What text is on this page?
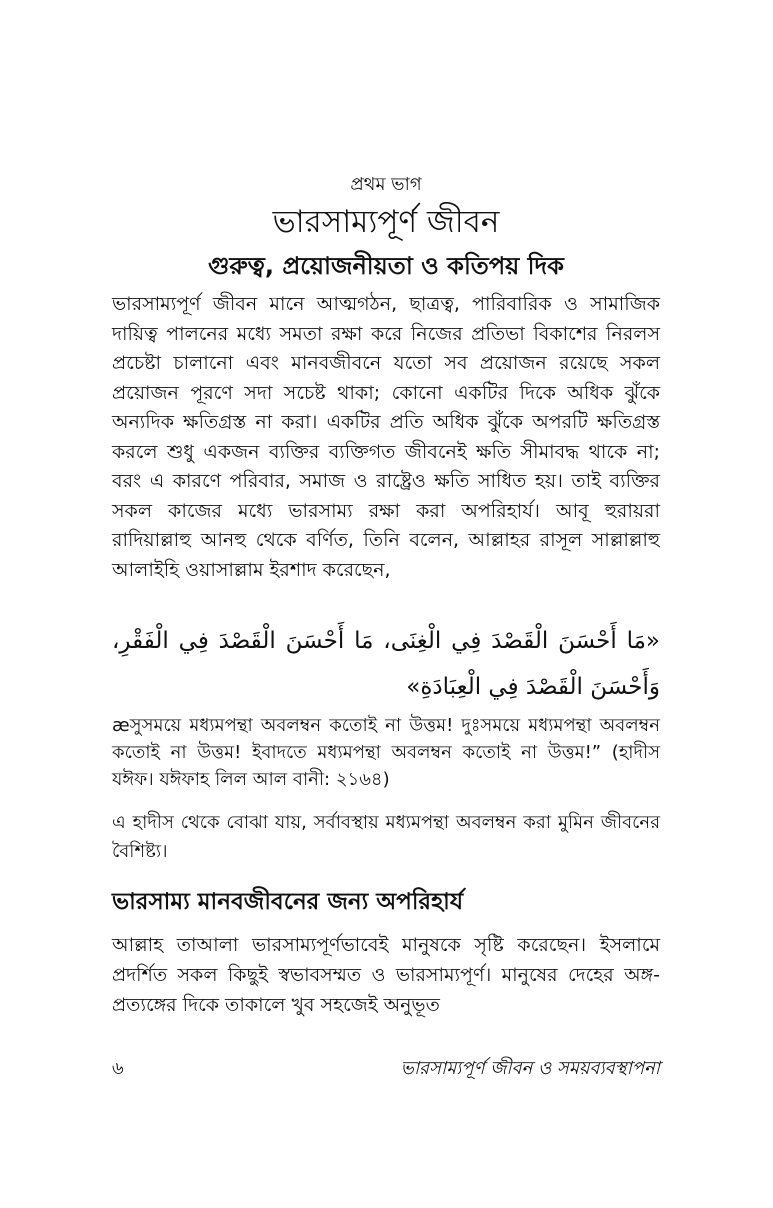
প্রথম ভাগ
ভারসাম্যপূর্ণ জীবন
গুরুত্ব, প্রয়োজনীয়তা ও কতিপয় দিক

ভারসাম্যপূর্ণ জীবন মানে আত্মগঠন, ছাত্রত্ব, পারিবারিক ও সামাজিক দায়িত্ব পালনের মধ্যে সমতা রক্ষা করে নিজের প্রতিভা বিকাশের নিরলস প্রচেষ্টা চালানো এবং মানবজীবনে যতো সব প্রয়োজন রয়েছে সকল প্রয়োজন পূরণে সদা সচেষ্ট থাকা; কোনো একটির দিকে অধিক ঝুঁকে অন্যদিক ক্ষতিগ্রস্ত না করা। একটির প্রতি অধিক ঝুঁকে অপরটি ক্ষতিগ্রস্ত করলে শুধু একজন ব্যক্তির ব্যক্তিগত জীবনেই ক্ষতি সীমাবদ্ধ থাকে না; বরং এ কারণে পরিবার, সমাজ ও রাষ্ট্রেও ক্ষতি সাধিত হয়। তাই ব্যক্তির সকল কাজের মধ্যে ভারসাম্য রক্ষা করা অপরিহার্য। আবূ হুরায়রা রাদিয়াল্লাহু আনহু থেকে বর্ণিত, তিনি বলেন, আল্লাহর রাসূল সাল্লাল্লাহু আলাইহি ওয়াসাল্লাম ইরশাদ করেছেন,

«مَا أَحْسَنَ الْقَصْدَ فِي الْغِنَى، مَا أَحْسَنَ الْقَصْدَ فِي الْفَقْرِ، وَأَحْسَنَ الْقَصْدَ فِي الْعِبَادَةِ»

æসুসময়ে মধ্যমপন্থা অবলম্বন কতোই না উত্তম! দুঃসময়ে মধ্যমপন্থা অবলম্বন কতোই না উত্তম! ইবাদতে মধ্যমপন্থা অবলম্বন কতোই না উত্তম!” (হাদীস যঈফ। যঈফাহ লিল আল বানী: ২১৬৪)

এ হাদীস থেকে বোঝা যায়, সর্বাবস্থায় মধ্যমপন্থা অবলম্বন করা মুমিন জীবনের বৈশিষ্ট্য।

ভারসাম্য মানবজীবনের জন্য অপরিহার্য

আল্লাহ তাআলা ভারসাম্যপূর্ণভাবেই মানুষকে সৃষ্টি করেছেন। ইসলামে প্রদর্শিত সকল কিছুই স্বভাবসম্মত ও ভারসাম্যপূর্ণ। মানুষের দেহের অঙ্গ-প্রত্যঙ্গের দিকে তাকালে খুব সহজেই অনুভূত

৬	ভারসাম্যপূর্ণ জীবন ও সময়ব্যবস্থাপনা
